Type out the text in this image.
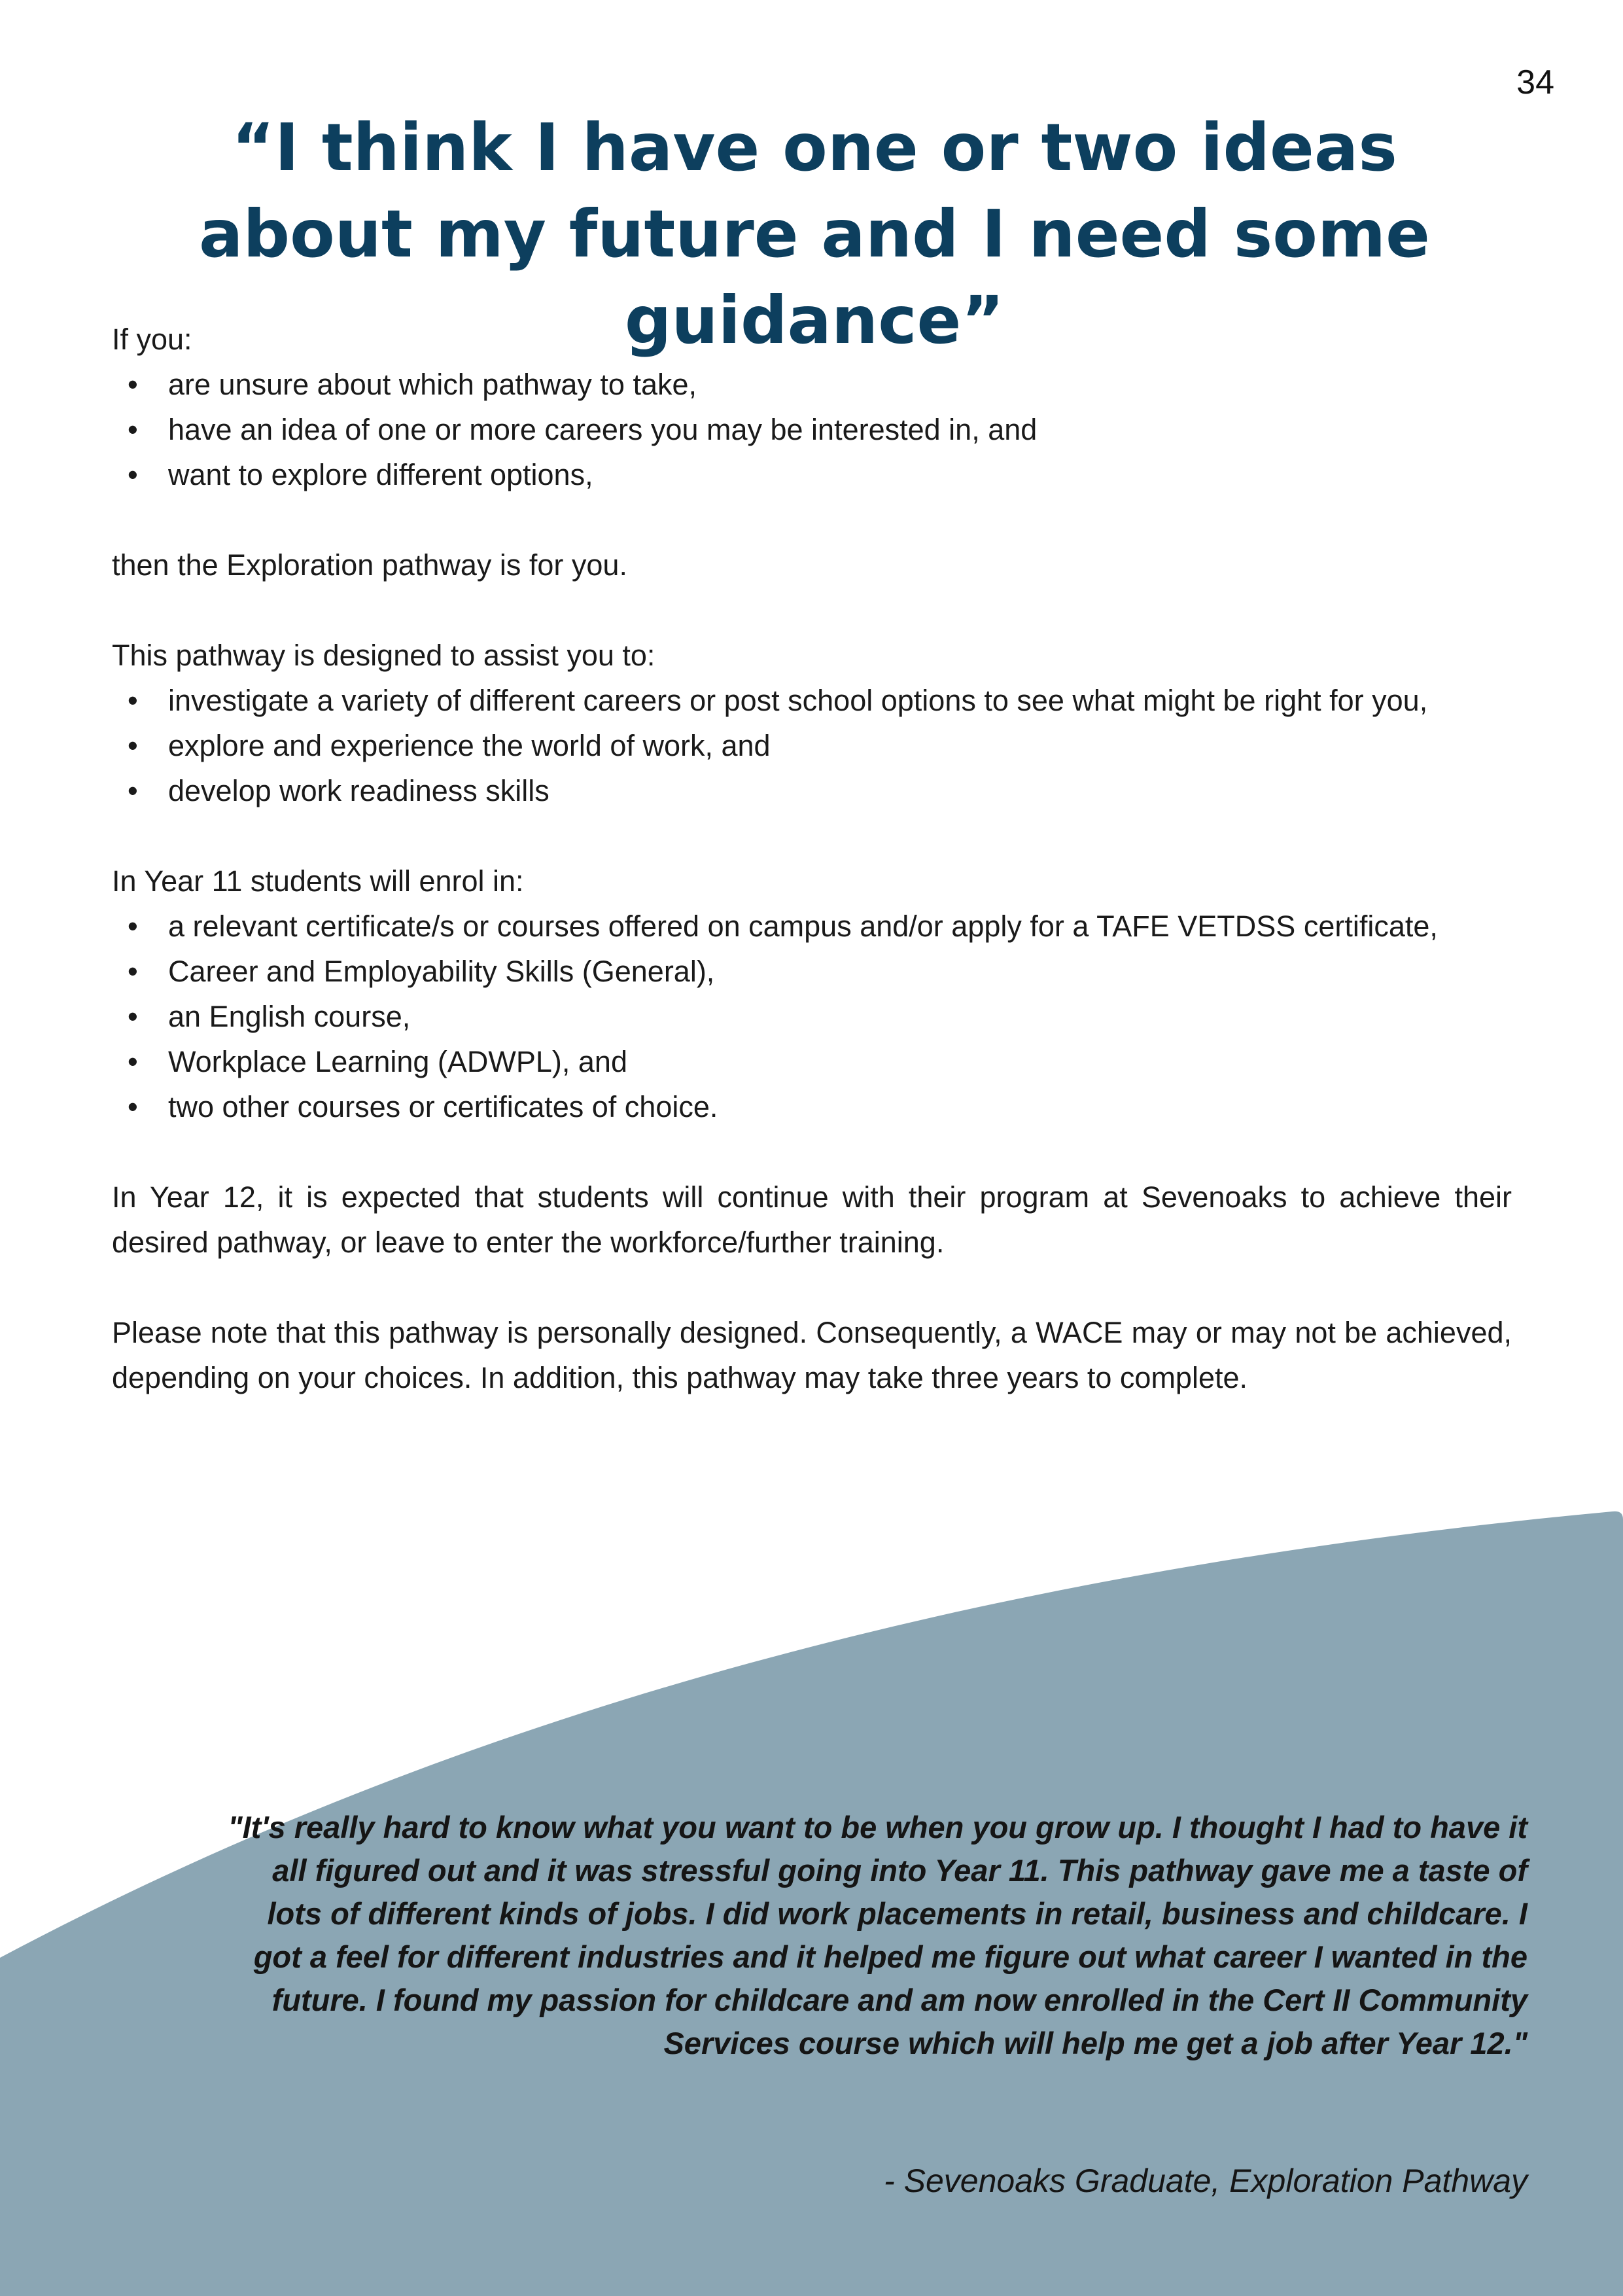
34
“I think I have one or two ideas about my future and I need some guidance”

If you:

• are unsure about which pathway to take,
• have an idea of one or more careers you may be interested in, and
• want to explore different options,

then the Exploration pathway is for you.

This pathway is designed to assist you to:

• investigate a variety of different careers or post school options to see what might be right for you,
• explore and experience the world of work, and
• develop work readiness skills

In Year 11 students will enrol in:

• a relevant certificate/s or courses offered on campus and/or apply for a TAFE VETDSS certificate,
• Career and Employability Skills (General),
• an English course,
• Workplace Learning (ADWPL), and
• two other courses or certificates of choice.

In Year 12, it is expected that students will continue with their program at Sevenoaks to achieve their desired pathway, or leave to enter the workforce/further training.

Please note that this pathway is personally designed. Consequently, a WACE may or may not be achieved, depending on your choices. In addition, this pathway may take three years to complete.

"It's really hard to know what you want to be when you grow up. I thought I had to have it all figured out and it was stressful going into Year 11. This pathway gave me a taste of lots of different kinds of jobs. I did work placements in retail, business and childcare. I got a feel for different industries and it helped me figure out what career I wanted in the future. I found my passion for childcare and am now enrolled in the Cert II Community Services course which will help me get a job after Year 12."

- Sevenoaks Graduate, Exploration Pathway
